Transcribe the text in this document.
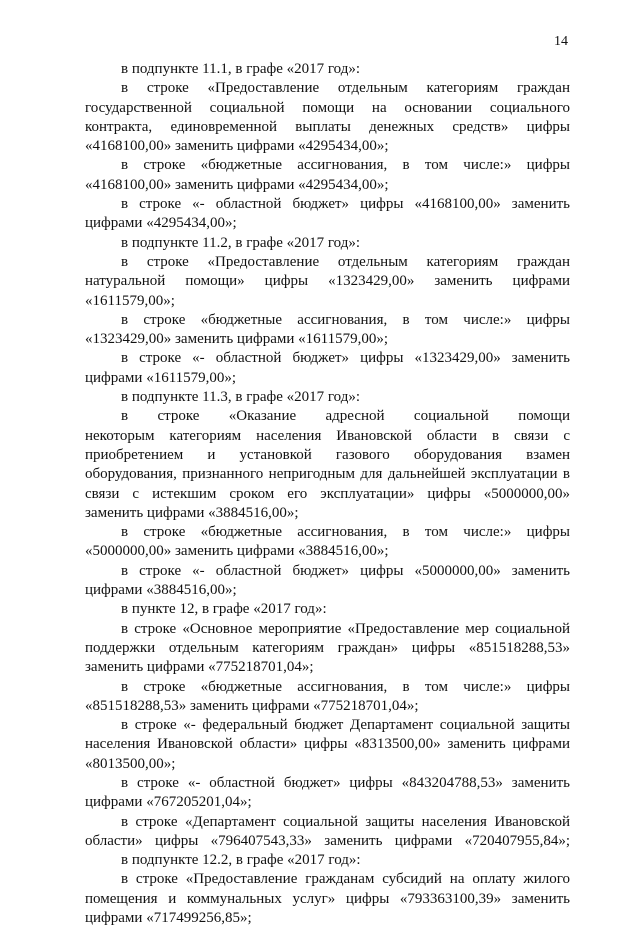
14
в подпункте 11.1, в графе «2017 год»:
в строке «Предоставление отдельным категориям граждан
государственной социальной помощи на основании социального
контракта, единовременной выплаты денежных средств» цифры
«4168100,00» заменить цифрами «4295434,00»;
в строке «бюджетные ассигнования, в том числе:» цифры
«4168100,00» заменить цифрами «4295434,00»;
в строке «- областной бюджет» цифры «4168100,00» заменить
цифрами «4295434,00»;
в подпункте 11.2, в графе «2017 год»:
в строке «Предоставление отдельным категориям граждан
натуральной помощи» цифры «1323429,00» заменить цифрами
«1611579,00»;
в строке «бюджетные ассигнования, в том числе:» цифры
«1323429,00» заменить цифрами «1611579,00»;
в строке «- областной бюджет» цифры «1323429,00» заменить
цифрами «1611579,00»;
в подпункте 11.3, в графе «2017 год»:
в строке «Оказание адресной социальной помощи
некоторым категориям населения Ивановской области в связи с
приобретением и установкой газового оборудования взамен
оборудования, признанного непригодным для дальнейшей эксплуатации в
связи с истекшим сроком его эксплуатации» цифры «5000000,00»
заменить цифрами «3884516,00»;
в строке «бюджетные ассигнования, в том числе:» цифры
«5000000,00» заменить цифрами «3884516,00»;
в строке «- областной бюджет» цифры «5000000,00» заменить
цифрами «3884516,00»;
в пункте 12, в графе «2017 год»:
в строке «Основное мероприятие «Предоставление мер социальной
поддержки отдельным категориям граждан» цифры «851518288,53»
заменить цифрами «775218701,04»;
в строке «бюджетные ассигнования, в том числе:» цифры
«851518288,53» заменить цифрами «775218701,04»;
в строке «- федеральный бюджет Департамент социальной защиты
населения Ивановской области» цифры «8313500,00» заменить цифрами
«8013500,00»;
в строке «- областной бюджет» цифры «843204788,53» заменить
цифрами «767205201,04»;
в строке «Департамент социальной защиты населения Ивановской
области» цифры «796407543,33» заменить цифрами «720407955,84»;
в подпункте 12.2, в графе «2017 год»:
в строке «Предоставление гражданам субсидий на оплату жилого
помещения и коммунальных услуг» цифры «793363100,39» заменить
цифрами «717499256,85»;
